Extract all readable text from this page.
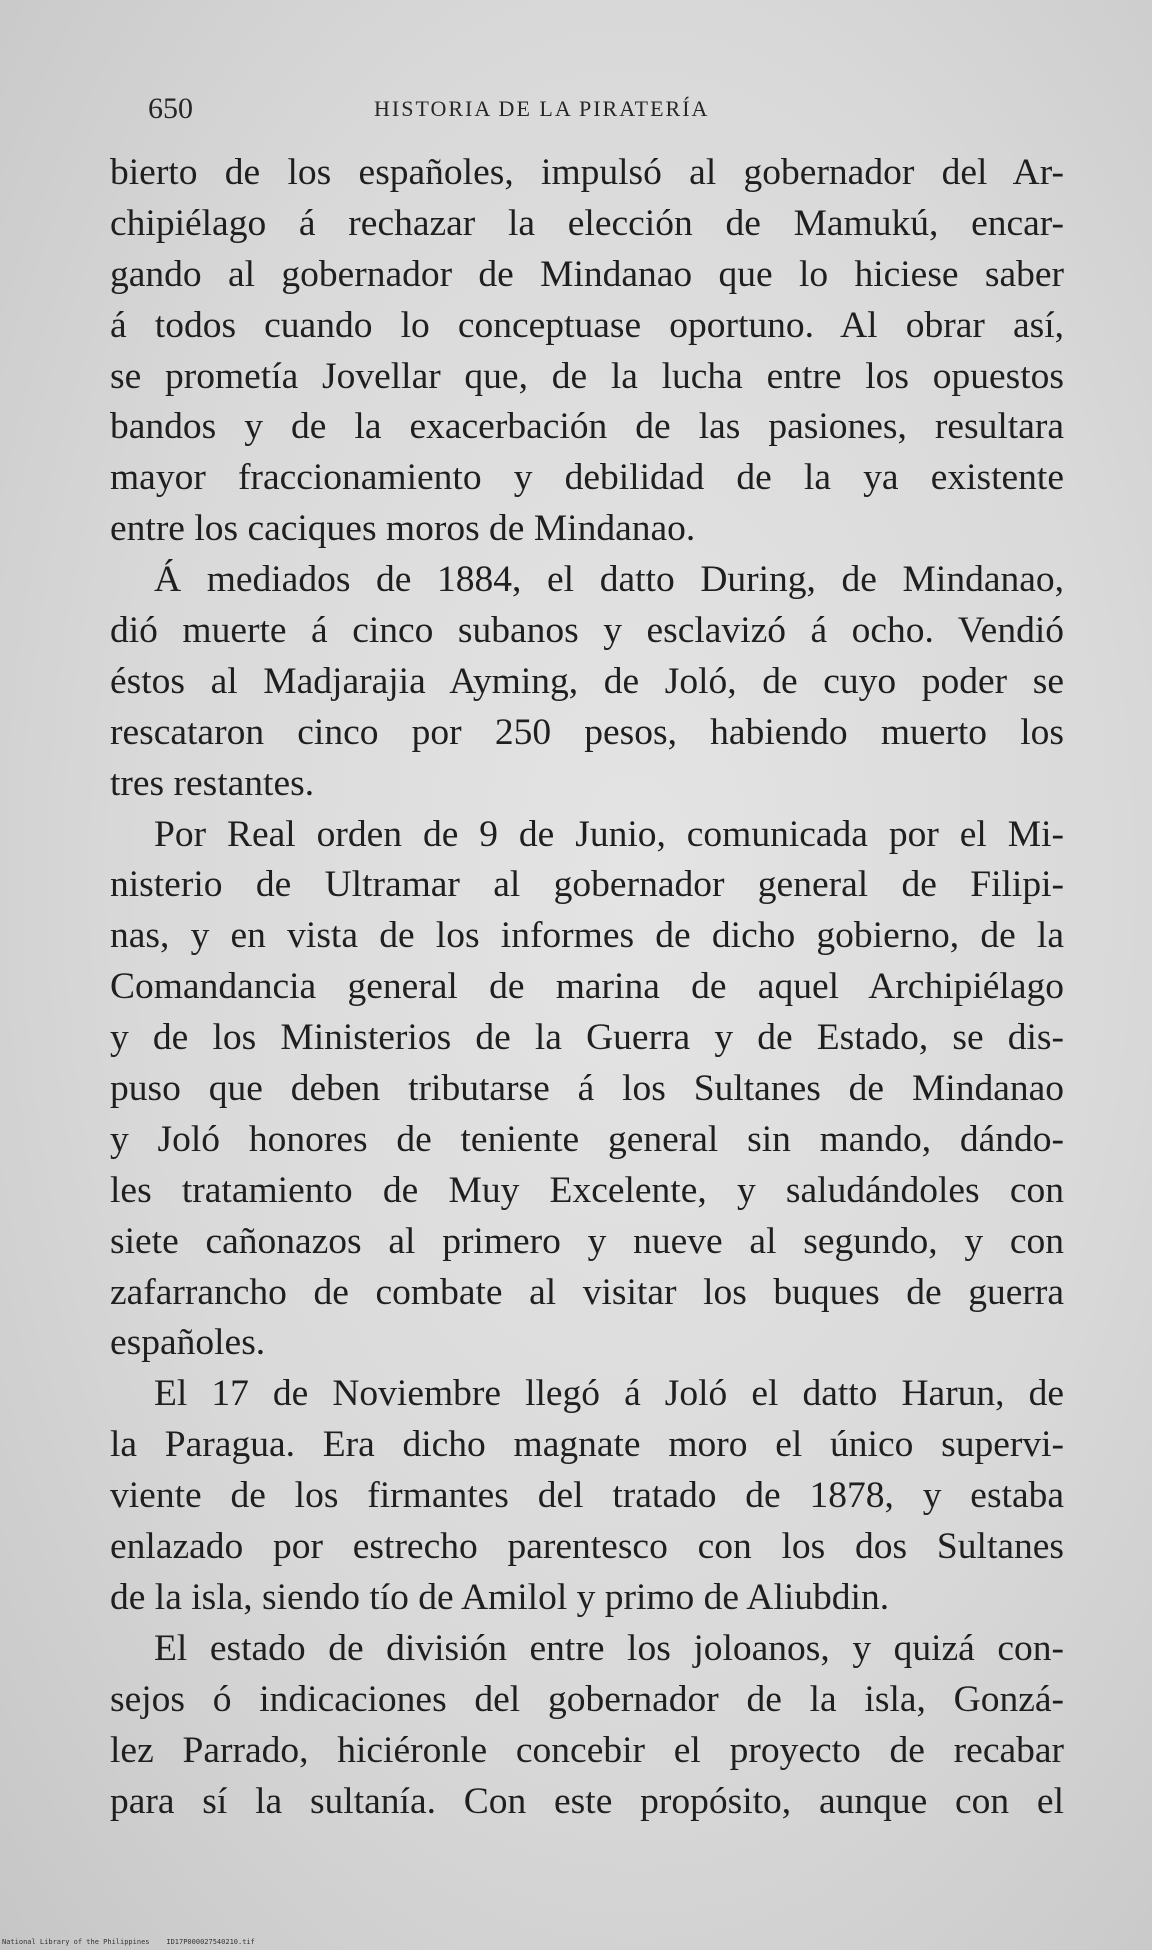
650	HISTORIA DE LA PIRATERÍA
bierto de los españoles, impulsó al gobernador del Ar-
chipiélago á rechazar la elección de Mamukú, encar-
gando al gobernador de Mindanao que lo hiciese saber
á todos cuando lo conceptuase oportuno. Al obrar así,
se prometía Jovellar que, de la lucha entre los opuestos
bandos y de la exacerbación de las pasiones, resultara
mayor fraccionamiento y debilidad de la ya existente
entre los caciques moros de Mindanao.
Á mediados de 1884, el datto During, de Mindanao,
dió muerte á cinco subanos y esclavizó á ocho. Vendió
éstos al Madjarajia Ayming, de Joló, de cuyo poder se
rescataron cinco por 250 pesos, habiendo muerto los
tres restantes.
Por Real orden de 9 de Junio, comunicada por el Mi-
nisterio de Ultramar al gobernador general de Filipi-
nas, y en vista de los informes de dicho gobierno, de la
Comandancia general de marina de aquel Archipiélago
y de los Ministerios de la Guerra y de Estado, se dis-
puso que deben tributarse á los Sultanes de Mindanao
y Joló honores de teniente general sin mando, dándo-
les tratamiento de Muy Excelente, y saludándoles con
siete cañonazos al primero y nueve al segundo, y con
zafarrancho de combate al visitar los buques de guerra
españoles.
El 17 de Noviembre llegó á Joló el datto Harun, de
la Paragua. Era dicho magnate moro el único supervi-
viente de los firmantes del tratado de 1878, y estaba
enlazado por estrecho parentesco con los dos Sultanes
de la isla, siendo tío de Amilol y primo de Aliubdin.
El estado de división entre los joloanos, y quizá con-
sejos ó indicaciones del gobernador de la isla, Gonzá-
lez Parrado, hiciéronle concebir el proyecto de recabar
para sí la sultanía. Con este propósito, aunque con el
National Library of the Philippines    ID17P000027540210.tif
